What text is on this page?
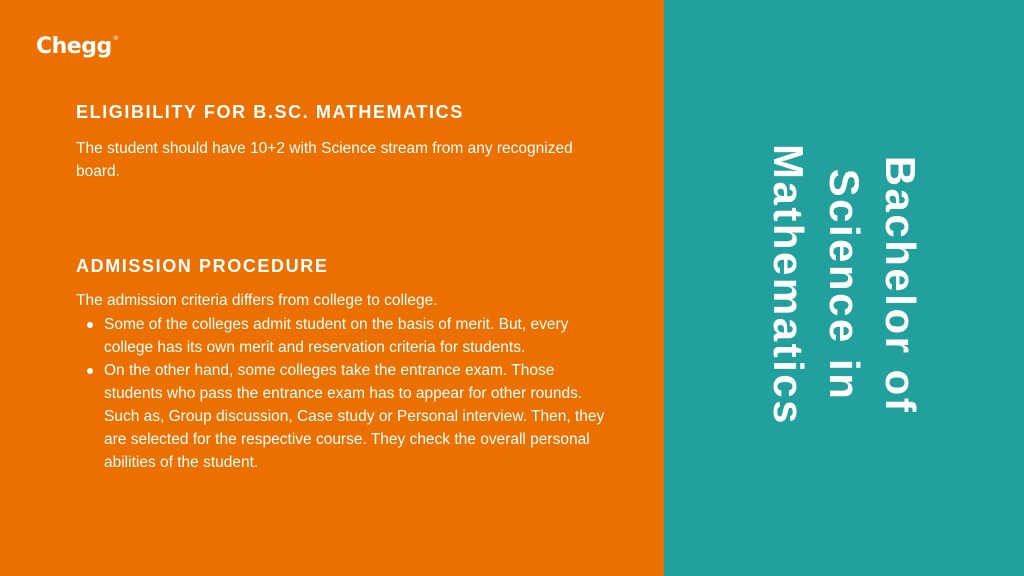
Chegg®
ELIGIBILITY FOR B.SC. MATHEMATICS

The student should have 10+2 with Science stream from any recognized board.

ADMISSION PROCEDURE

The admission criteria differs from college to college.

Some of the colleges admit student on the basis of merit. But, every college has its own merit and reservation criteria for students.
On the other hand, some colleges take the entrance exam. Those students who pass the entrance exam has to appear for other rounds. Such as, Group discussion, Case study or Personal interview. Then, they are selected for the respective course. They check the overall personal abilities of the student.
Bachelor of
Science in
Mathematics
